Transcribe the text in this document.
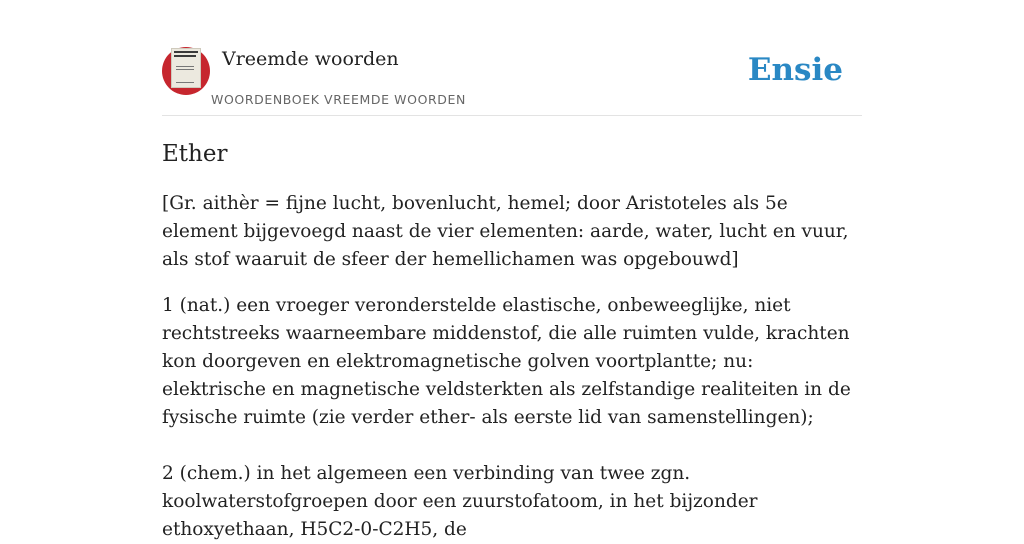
Vreemde woorden
WOORDENBOEK VREEMDE WOORDEN
Ensie
Ether

[Gr. aithèr = fijne lucht, bovenlucht, hemel; door Aristoteles als 5e element bijgevoegd naast de vier elementen: aarde, water, lucht en vuur, als stof waaruit de sfeer der hemellichamen was opgebouwd]

1 (nat.) een vroeger veronderstelde elastische, onbeweeglijke, niet rechtstreeks waarneembare middenstof, die alle ruimten vulde, krachten kon doorgeven en elektromagnetische golven voortplantte; nu: elektrische en magnetische veldsterkten als zelfstandige realiteiten in de fysische ruimte (zie verder ether- als eerste lid van samenstellingen);

2 (chem.) in het algemeen een verbinding van twee zgn. koolwaterstofgroepen door een zuurstofatoom, in het bijzonder ethoxyethaan, H5C2-0-C2H5, de
